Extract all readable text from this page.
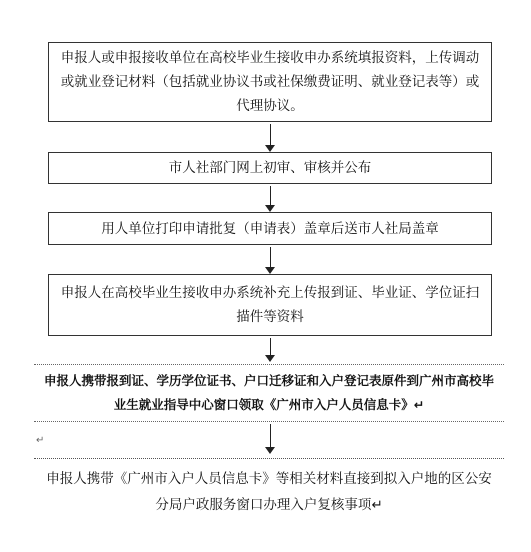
申报人或申报接收单位在高校毕业生接收申办系统填报资料，上传调动或就业登记材料（包括就业协议书或社保缴费证明、就业登记表等）或代理协议。
市人社部门网上初审、审核并公布
用人单位打印申请批复（申请表）盖章后送市人社局盖章
申报人在高校毕业生接收申办系统补充上传报到证、毕业证、学位证扫描件等资料
申报人携带报到证、学历学位证书、户口迁移证和入户登记表原件到广州市高校毕业生就业指导中心窗口领取《广州市入户人员信息卡》↵
↵
申报人携带《广州市入户人员信息卡》等相关材料直接到拟入户地的区公安分局户政服务窗口办理入户复核事项↵
